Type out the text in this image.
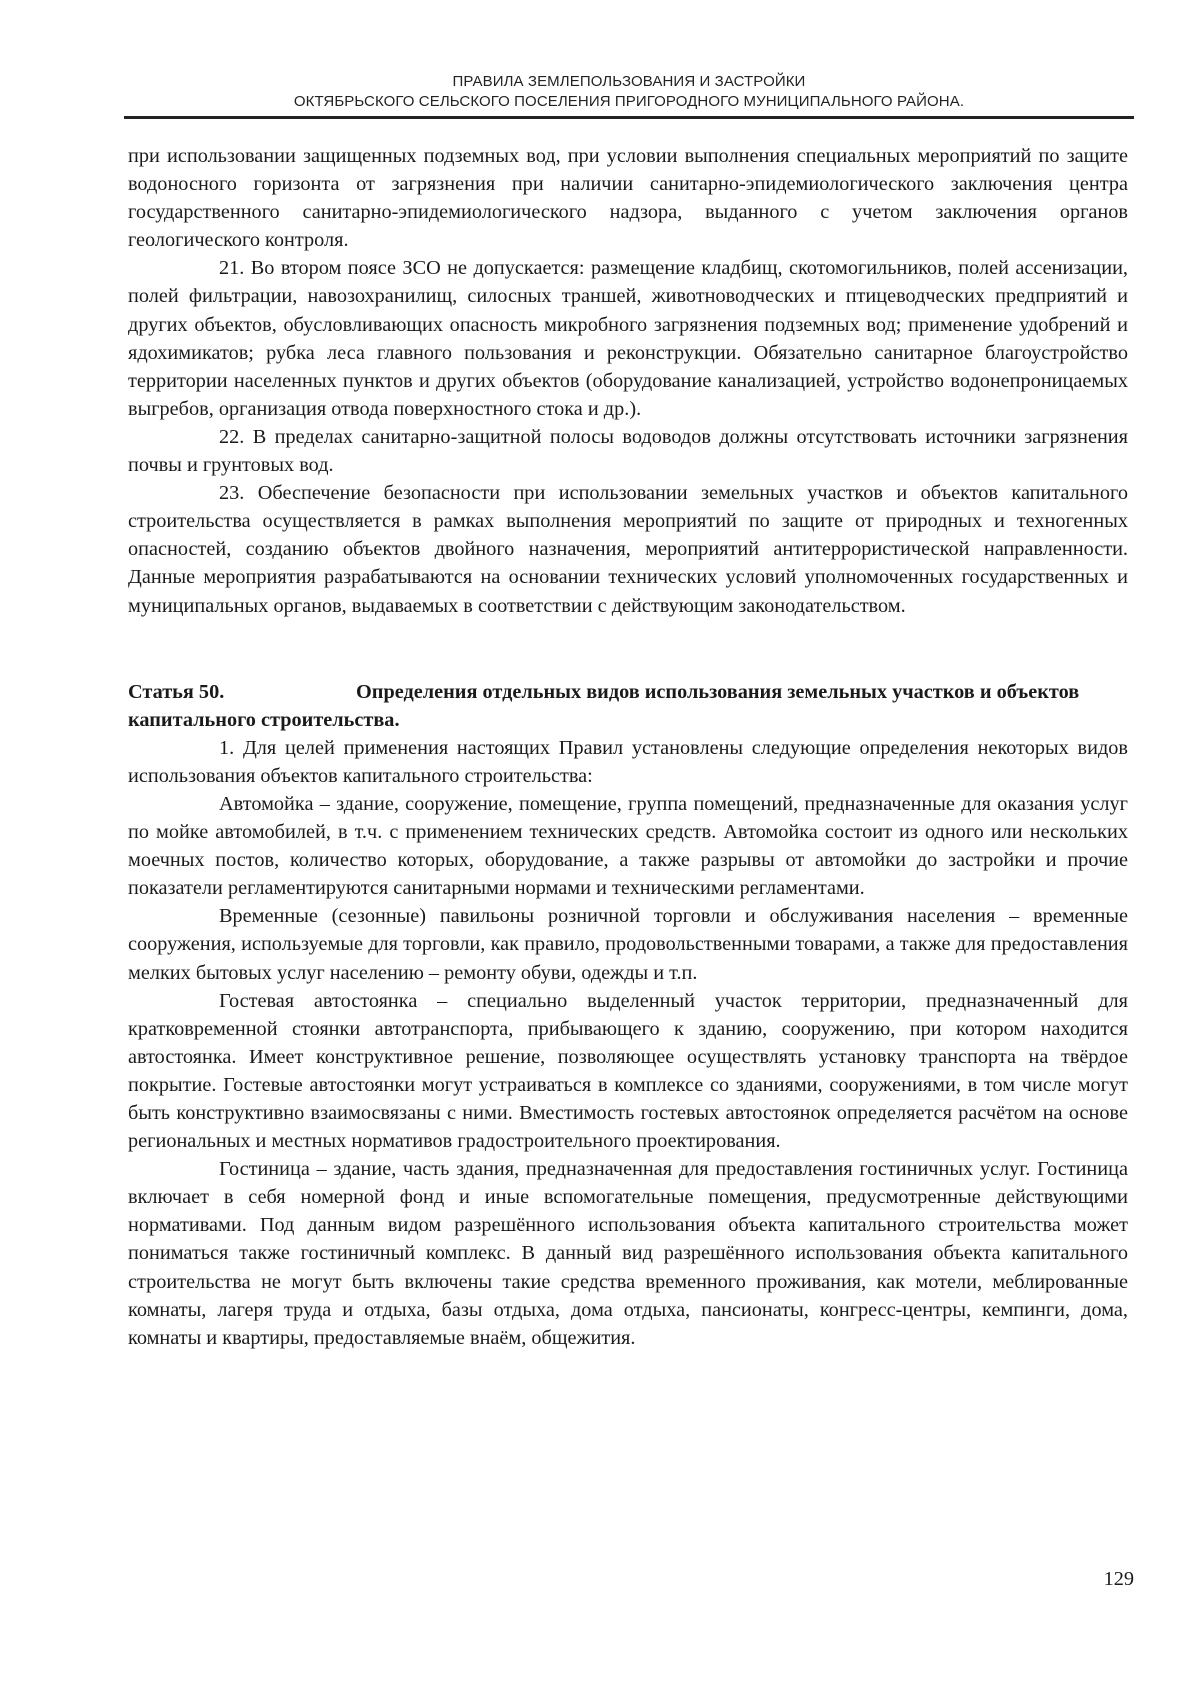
ПРАВИЛА ЗЕМЛЕПОЛЬЗОВАНИЯ И ЗАСТРОЙКИ
ОКТЯБРЬСКОГО СЕЛЬСКОГО ПОСЕЛЕНИЯ ПРИГОРОДНОГО МУНИЦИПАЛЬНОГО РАЙОНА.

при использовании защищенных подземных вод, при условии выполнения специальных мероприятий по защите водоносного горизонта от загрязнения при наличии санитарно-эпидемиологического заключения центра государственного санитарно-эпидемиологического надзора, выданного с учетом заключения органов геологического контроля.

21. Во втором поясе ЗСО не допускается: размещение кладбищ, скотомогильников, полей ассенизации, полей фильтрации, навозохранилищ, силосных траншей, животноводческих и птицеводческих предприятий и других объектов, обусловливающих опасность микробного загрязнения подземных вод; применение удобрений и ядохимикатов; рубка леса главного пользования и реконструкции. Обязательно санитарное благоустройство территории населенных пунктов и других объектов (оборудование канализацией, устройство водонепроницаемых выгребов, организация отвода поверхностного стока и др.).

22. В пределах санитарно-защитной полосы водоводов должны отсутствовать источники загрязнения почвы и грунтовых вод.

23. Обеспечение безопасности при использовании земельных участков и объектов капитального строительства осуществляется в рамках выполнения мероприятий по защите от природных и техногенных опасностей, созданию объектов двойного назначения, мероприятий антитеррористической направленности. Данные мероприятия разрабатываются на основании технических условий уполномоченных государственных и муниципальных органов, выдаваемых в соответствии с действующим законодательством.

Статья 50.	Определения отдельных видов использования земельных участков и объектов капитального строительства.

1. Для целей применения настоящих Правил установлены следующие определения некоторых видов использования объектов капитального строительства:

Автомойка – здание, сооружение, помещение, группа помещений, предназначенные для оказания услуг по мойке автомобилей, в т.ч. с применением технических средств. Автомойка состоит из одного или нескольких моечных постов, количество которых, оборудование, а также разрывы от автомойки до застройки и прочие показатели регламентируются санитарными нормами и техническими регламентами.

Временные (сезонные) павильоны розничной торговли и обслуживания населения – временные сооружения, используемые для торговли, как правило, продовольственными товарами, а также для предоставления мелких бытовых услуг населению – ремонту обуви, одежды и т.п.

Гостевая автостоянка – специально выделенный участок территории, предназначенный для кратковременной стоянки автотранспорта, прибывающего к зданию, сооружению, при котором находится автостоянка. Имеет конструктивное решение, позволяющее осуществлять установку транспорта на твёрдое покрытие. Гостевые автостоянки могут устраиваться в комплексе со зданиями, сооружениями, в том числе могут быть конструктивно взаимосвязаны с ними. Вместимость гостевых автостоянок определяется расчётом на основе региональных и местных нормативов градостроительного проектирования.

Гостиница – здание, часть здания, предназначенная для предоставления гостиничных услуг. Гостиница включает в себя номерной фонд и иные вспомогательные помещения, предусмотренные действующими нормативами. Под данным видом разрешённого использования объекта капитального строительства может пониматься также гостиничный комплекс. В данный вид разрешённого использования объекта капитального строительства не могут быть включены такие средства временного проживания, как мотели, меблированные комнаты, лагеря труда и отдыха, базы отдыха, дома отдыха, пансионаты, конгресс-центры, кемпинги, дома, комнаты и квартиры, предоставляемые внаём, общежития.

129
